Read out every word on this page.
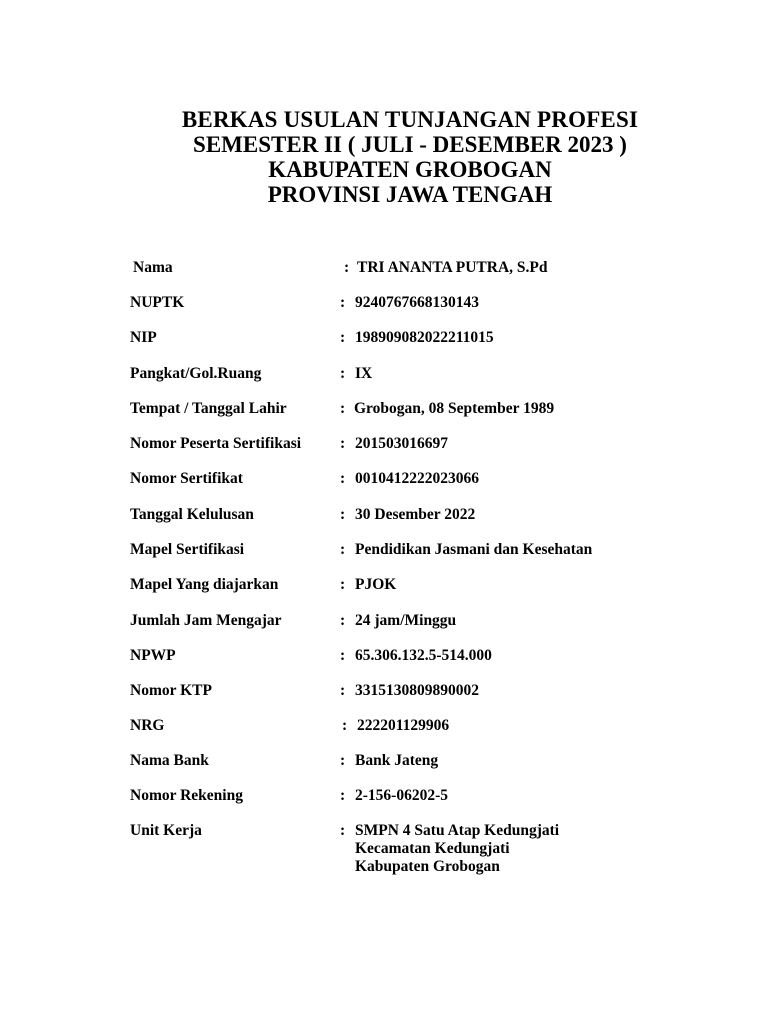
BERKAS USULAN TUNJANGAN PROFESI
SEMESTER II ( JULI - DESEMBER 2023 )
KABUPATEN GROBOGAN
PROVINSI JAWA TENGAH
Nama	: TRI ANANTA PUTRA, S.Pd
NUPTK	: 9240767668130143
NIP	: 198909082022211015
Pangkat/Gol.Ruang	: IX
Tempat / Tanggal Lahir	: Grobogan, 08 September 1989
Nomor Peserta Sertifikasi	: 201503016697
Nomor Sertifikat	: 0010412222023066
Tanggal Kelulusan	: 30 Desember 2022
Mapel Sertifikasi	: Pendidikan Jasmani dan Kesehatan
Mapel Yang diajarkan	: PJOK
Jumlah Jam Mengajar	: 24 jam/Minggu
NPWP	: 65.306.132.5-514.000
Nomor KTP	: 3315130809890002
NRG	: 222201129906
Nama Bank	: Bank Jateng
Nomor Rekening	: 2-156-06202-5
Unit Kerja	: SMPN 4 Satu Atap Kedungjati
Kecamatan Kedungjati
Kabupaten Grobogan
